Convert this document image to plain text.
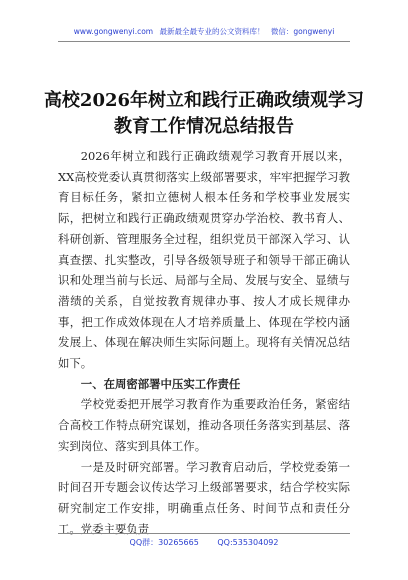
www.gongwenyi.com 最新最全最专业的公文资料库！ 微信：gongwenyi
高校2026年树立和践行正确政绩观学习
教育工作情况总结报告

2026年树立和践行正确政绩观学习教育开展以来，XX高校党委认真贯彻落实上级部署要求，牢牢把握学习教育目标任务，紧扣立德树人根本任务和学校事业发展实际，把树立和践行正确政绩观贯穿办学治校、教书育人、科研创新、管理服务全过程，组织党员干部深入学习、认真查摆、扎实整改，引导各级领导班子和领导干部正确认识和处理当前与长远、局部与全局、发展与安全、显绩与潜绩的关系，自觉按教育规律办事、按人才成长规律办事，把工作成效体现在人才培养质量上、体现在学校内涵发展上、体现在解决师生实际问题上。现将有关情况总结如下。

一、在周密部署中压实工作责任

学校党委把开展学习教育作为重要政治任务，紧密结合高校工作特点研究谋划，推动各项任务落实到基层、落实到岗位、落实到具体工作。

一是及时研究部署。学习教育启动后，学校党委第一时间召开专题会议传达学习上级部署要求，结合学校实际研究制定工作安排，明确重点任务、时间节点和责任分工。党委主要负责

QQ群：30265665 QQ:535304092
